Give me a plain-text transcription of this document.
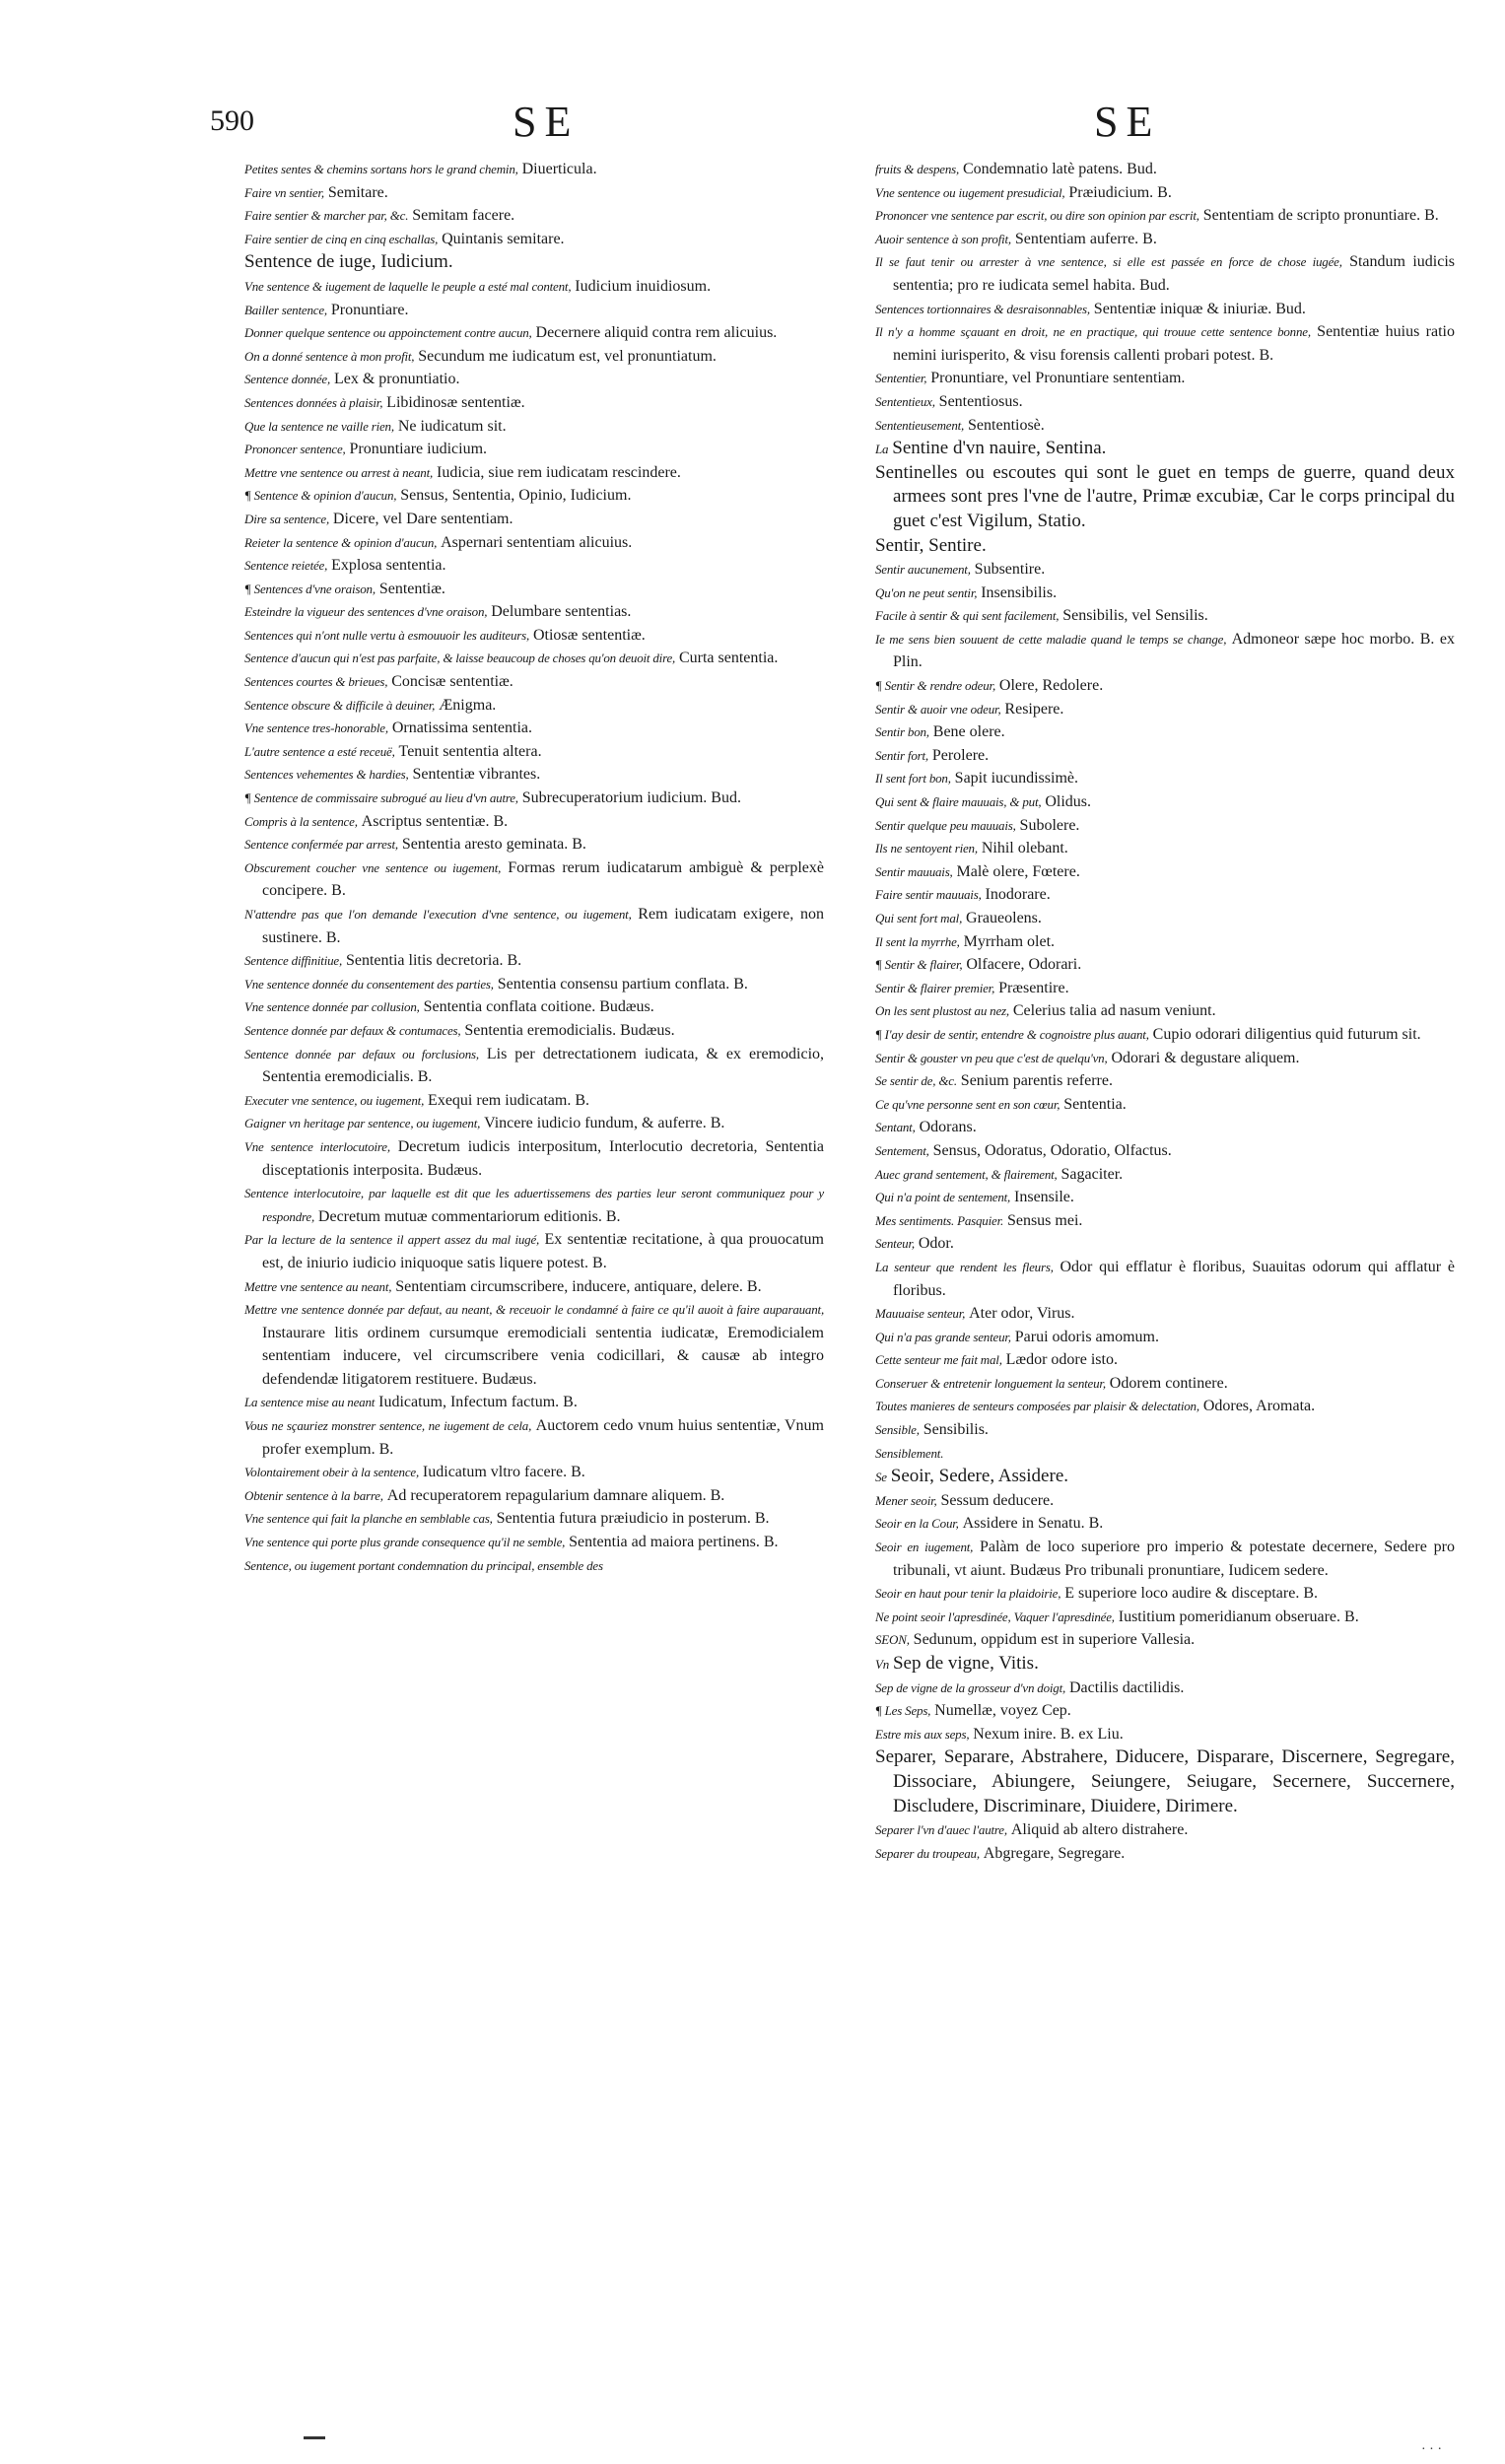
590	SE	SE

Petites sentes & chemins sortans hors le grand chemin, Diuerticula.

Faire vn sentier, Semitare.

Faire sentier & marcher par, &c. Semitam facere.

Faire sentier de cinq en cinq eschallas, Quintanis semitare.

Sentence de iuge, Iudicium.

Vne sentence & iugement de laquelle le peuple a esté mal content, Iudicium inuidiosum.

Bailler sentence, Pronuntiare.

Donner quelque sentence ou appoinctement contre aucun, Decernere aliquid contra rem alicuius.

On a donné sentence à mon profit, Secundum me iudicatum est, vel pronuntiatum.

Sentence donnée, Lex & pronuntiatio.

Sentences données à plaisir, Libidinosæ sententiæ.

Que la sentence ne vaille rien, Ne iudicatum sit.

Prononcer sentence, Pronuntiare iudicium.

Mettre vne sentence ou arrest à neant, Iudicia, siue rem iudicatam rescindere.

¶ Sentence & opinion d'aucun, Sensus, Sententia, Opinio, Iudicium.

Dire sa sentence, Dicere, vel Dare sententiam.

Reieter la sentence & opinion d'aucun, Aspernari sententiam alicuius.

Sentence reietée, Explosa sententia.

¶ Sentences d'vne oraison, Sententiæ.

Esteindre la vigueur des sentences d'vne oraison, Delumbare sententias.

Sentences qui n'ont nulle vertu à esmouuoir les auditeurs, Otiosæ sententiæ.

Sentence d'aucun qui n'est pas parfaite, & laisse beaucoup de choses qu'on deuoit dire, Curta sententia.

Sentences courtes & brieues, Concisæ sententiæ.

Sentence obscure & difficile à deuiner, Ænigma.

Vne sentence tres-honorable, Ornatissima sententia.

L'autre sentence a esté receuë, Tenuit sententia altera.

Sentences vehementes & hardies, Sententiæ vibrantes.

¶ Sentence de commissaire subrogué au lieu d'vn autre, Subrecuperatorium iudicium. Bud.

Compris à la sentence, Ascriptus sententiæ. B.

Sentence confermée par arrest, Sententia aresto geminata. B.

Obscurement coucher vne sentence ou iugement, Formas rerum iudicatarum ambiguè & perplexè concipere. B.

N'attendre pas que l'on demande l'execution d'vne sentence, ou iugement, Rem iudicatam exigere, non sustinere. B.

Sentence diffinitiue, Sententia litis decretoria. B.

Vne sentence donnée du consentement des parties, Sententia consensu partium conflata. B.

Vne sentence donnée par collusion, Sententia conflata coitione. Budæus.

Sentence donnée par defaux & contumaces, Sententia eremodicialis. Budæus.

Sentence donnée par defaux ou forclusions, Lis per detrectationem iudicata, & ex eremodicio, Sententia eremodicialis. B.

Executer vne sentence, ou iugement, Exequi rem iudicatam. B.

Gaigner vn heritage par sentence, ou iugement, Vincere iudicio fundum, & auferre. B.

Vne sentence interlocutoire, Decretum iudicis interpositum, Interlocutio decretoria, Sententia disceptationis interposita. Budæus.

Sentence interlocutoire, par laquelle est dit que les aduertissemens des parties leur seront communiquez pour y respondre, Decretum mutuæ commentariorum editionis. B.

Par la lecture de la sentence il appert assez du mal iugé, Ex sententiæ recitatione, à qua prouocatum est, de iniurio iudicio iniquoque satis liquere potest. B.

Mettre vne sentence au neant, Sententiam circumscribere, inducere, antiquare, delere. B.

Mettre vne sentence donnée par defaut, au neant, & receuoir le condamné à faire ce qu'il auoit à faire auparauant, Instaurare litis ordinem cursumque eremodiciali sententia iudicatæ, Eremodicialem sententiam inducere, vel circumscribere venia codicillari, & causæ ab integro defendendæ litigatorem restituere. Budæus.

La sentence mise au neant Iudicatum, Infectum factum. B.

Vous ne sçauriez monstrer sentence, ne iugement de cela, Auctorem cedo vnum huius sententiæ, Vnum profer exemplum. B.

Volontairement obeir à la sentence, Iudicatum vltro facere. B.

Obtenir sentence à la barre, Ad recuperatorem repagularium damnare aliquem. B.

Vne sentence qui fait la planche en semblable cas, Sententia futura præiudicio in posterum. B.

Vne sentence qui porte plus grande consequence qu'il ne semble, Sententia ad maiora pertinens. B.

Sentence, ou iugement portant condemnation du principal, ensemble des

fruits & despens, Condemnatio latè patens. Bud.

Vne sentence ou iugement presudicial, Præiudicium. B.

Prononcer vne sentence par escrit, ou dire son opinion par escrit, Sententiam de scripto pronuntiare. B.

Auoir sentence à son profit, Sententiam auferre. B.

Il se faut tenir ou arrester à vne sentence, si elle est passée en force de chose iugée, Standum iudicis sententia; pro re iudicata semel habita. Bud.

Sentences tortionnaires & desraisonnables, Sententiæ iniquæ & iniuriæ. Bud.

Il n'y a homme sçauant en droit, ne en practique, qui trouue cette sentence bonne, Sententiæ huius ratio nemini iurisperito, & visu forensis callenti probari potest. B.

Sententier, Pronuntiare, vel Pronuntiare sententiam.

Sententieux, Sententiosus.

Sententieusement, Sententiosè.

La Sentine d'vn nauire, Sentina.

Sentinelles ou escoutes qui sont le guet en temps de guerre, quand deux armees sont pres l'vne de l'autre, Primæ excubiæ, Car le corps principal du guet c'est Vigilum, Statio.

Sentir, Sentire.

Sentir aucunement, Subsentire.

Qu'on ne peut sentir, Insensibilis.

Facile à sentir & qui sent facilement, Sensibilis, vel Sensilis.

Ie me sens bien souuent de cette maladie quand le temps se change, Admoneor sæpe hoc morbo. B. ex Plin.

¶ Sentir & rendre odeur, Olere, Redolere.

Sentir & auoir vne odeur, Resipere.

Sentir bon, Bene olere.

Sentir fort, Perolere.

Il sent fort bon, Sapit iucundissimè.

Qui sent & flaire mauuais, & put, Olidus.

Sentir quelque peu mauuais, Subolere.

Ils ne sentoyent rien, Nihil olebant.

Sentir mauuais, Malè olere, Fœtere.

Faire sentir mauuais, Inodorare.

Qui sent fort mal, Graueolens.

Il sent la myrrhe, Myrrham olet.

¶ Sentir & flairer, Olfacere, Odorari.

Sentir & flairer premier, Præsentire.

On les sent plustost au nez, Celerius talia ad nasum veniunt.

¶ I'ay desir de sentir, entendre & cognoistre plus auant, Cupio odorari diligentius quid futurum sit.

Sentir & gouster vn peu que c'est de quelqu'vn, Odorari & degustare aliquem.

Se sentir de, &c. Senium parentis referre.

Ce qu'vne personne sent en son cœur, Sententia.

Sentant, Odorans.

Sentement, Sensus, Odoratus, Odoratio, Olfactus.

Auec grand sentement, & flairement, Sagaciter.

Qui n'a point de sentement, Insensile.

Mes sentiments. Pasquier. Sensus mei.

Senteur, Odor.

La senteur que rendent les fleurs, Odor qui efflatur è floribus, Suauitas odorum qui afflatur è floribus.

Mauuaise senteur, Ater odor, Virus.

Qui n'a pas grande senteur, Parui odoris amomum.

Cette senteur me fait mal, Lædor odore isto.

Conseruer & entretenir longuement la senteur, Odorem continere.

Toutes manieres de senteurs composées par plaisir & delectation, Odores, Aromata.

Sensible, Sensibilis.

Sensiblement.

Se Seoir, Sedere, Assidere.

Mener seoir, Sessum deducere.

Seoir en la Cour, Assidere in Senatu. B.

Seoir en iugement, Palàm de loco superiore pro imperio & potestate decernere, Sedere pro tribunali, vt aiunt. Budæus Pro tribunali pronuntiare, Iudicem sedere.

Seoir en haut pour tenir la plaidoirie, E superiore loco audire & disceptare. B.

Ne point seoir l'apresdinée, Vaquer l'apresdinée, Iustitium pomeridianum obseruare. B.

SEON, Sedunum, oppidum est in superiore Vallesia.

Vn Sep de vigne, Vitis.

Sep de vigne de la grosseur d'vn doigt, Dactilis dactilidis.

¶ Les Seps, Numellæ, voyez Cep.

Estre mis aux seps, Nexum inire. B. ex Liu.

Separer, Separare, Abstrahere, Diducere, Disparare, Discernere, Segregare, Dissociare, Abiungere, Seiungere, Seiugare, Secernere, Succernere, Discludere, Discriminare, Diuidere, Dirimere.

Separer l'vn d'auec l'autre, Aliquid ab altero distrahere.

Separer du troupeau, Abgregare, Segregare.

· · ·
